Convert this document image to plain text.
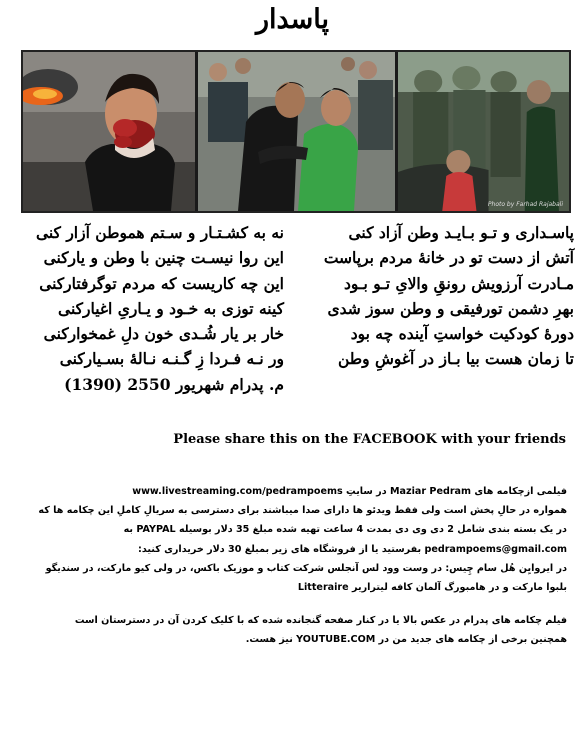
پاسدار
Photo by Farhad Rajabali
پاسـداری و تـو بـایـد وطن آزاد کنی
آتش از دست تو در خانۀ مردم برپاست
مـادرت آرزویش رونقِ والایِ تـو بـود
بهرِ دشمن تورفیقی و وطن سوز شدی
دورۀ کودکیت خواستِ آینده چه بود
تا زمان هست بیا بـاز در آغوشِ وطن
نه به کشـتـار و سـتم هموطن آزار کنی
این روا نیسـت چنین با وطن و یارکنی
این چه کاریست که مردم توگرفتارکنی
کینه توزی به خـود و یـاریِ اغیارکنی
خار بر یار شُـدی خون دلِ غمخوارکنی
ور نـه فـردا زِ گـنـه نـالۀ بسـیارکنی
م. پدرام شهریور 2550 (1390)
Please share this on the FACEBOOK with your friends
فیلمی ازچکامه های Maziar Pedram در سایتِ www.livestreaming.com/pedrampoems
همواره در حالِ پخش است ولی فقط ویدئو ها دارای صدا میباشند برای دسترسی به سریالِ کاملِ این چکامه ها که
در یک بسته بندی شامل 2 دی وی دی بمدت 4 ساعت تهیه شده مبلغ 35 دلار بوسیله PAYPAL به
pedrampoems@gmail.com بفرستید یا از فروشگاه های زیر بمبلغ 30 دلار خریداری کنید:
در ایروایِن هُل سام چِیس: در وست وود لس آنجلس شرکت کتاب و موزیک باکس، در ولی کیو مارکت، در سندیگو
بلبوا مارکت و در هامبورگ آلمان کافه لیتراریر Litteraire
فیلم چکامه های پدرام در عکس بالا یا در کنار صفحه گنجانده شده که با کلیک کردن آن در دسترستان است
همچنین برخی از چکامه های جدید من در YOUTUBE.COM نیز هست.
